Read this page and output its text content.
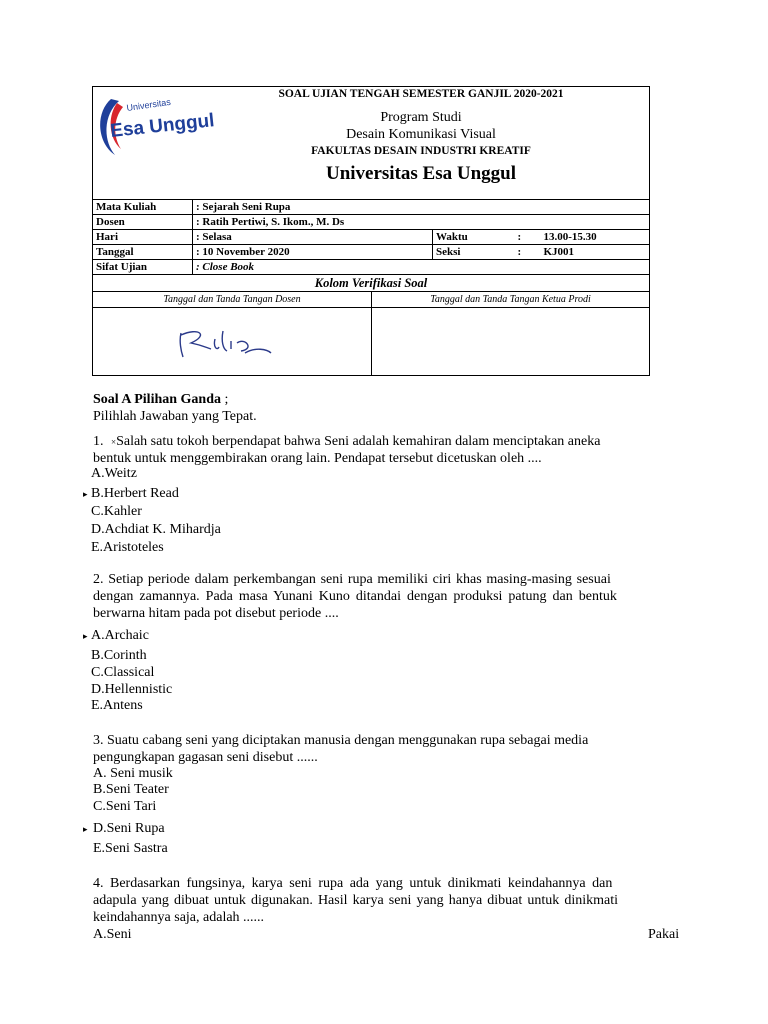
Universitas
Esa Unggul
SOAL UJIAN TENGAH SEMESTER GANJIL 2020-2021
Program Studi
Desain Komunikasi Visual
FAKULTAS DESAIN INDUSTRI KREATIF
Universitas Esa Unggul
Mata Kuliah	: Sejarah Seni Rupa			
Dosen	: Ratih Pertiwi, S. Ikom., M. Ds			
Hari	: Selasa	Waktu	:	13.00-15.30
Tanggal	: 10 November 2020	Seksi	:	KJ001
Sifat Ujian	: Close Book			
Kolom Verifikasi Soal
Tanggal dan Tanda Tangan Dosen	Tanggal dan Tanda Tangan Ketua Prodi
Soal A Pilihan Ganda ;
Pilihlah Jawaban yang Tepat.
1. ×Salah satu tokoh berpendapat bahwa Seni adalah kemahiran dalam menciptakan aneka
bentuk untuk menggembirakan orang lain. Pendapat tersebut dicetuskan oleh ....
A.Weitz
▸ B.Herbert Read
C.Kahler
D.Achdiat K. Mihardja
E.Aristoteles
2. Setiap periode dalam perkembangan seni rupa memiliki ciri khas masing-masing sesuai
dengan zamannya. Pada masa Yunani Kuno ditandai dengan produksi patung dan bentuk
berwarna hitam pada pot disebut periode ....
▸ A.Archaic
B.Corinth
C.Classical
D.Hellennistic
E.Antens
3. Suatu cabang seni yang diciptakan manusia dengan menggunakan rupa sebagai media
pengungkapan gagasan seni disebut ......
A. Seni musik
B.Seni Teater
C.Seni Tari
▸ D.Seni Rupa
E.Seni Sastra
4. Berdasarkan fungsinya, karya seni rupa ada yang untuk dinikmati keindahannya dan
adapula yang dibuat untuk digunakan. Hasil karya seni yang hanya dibuat untuk dinikmati
keindahannya saja, adalah ......
A.Seni	Pakai
